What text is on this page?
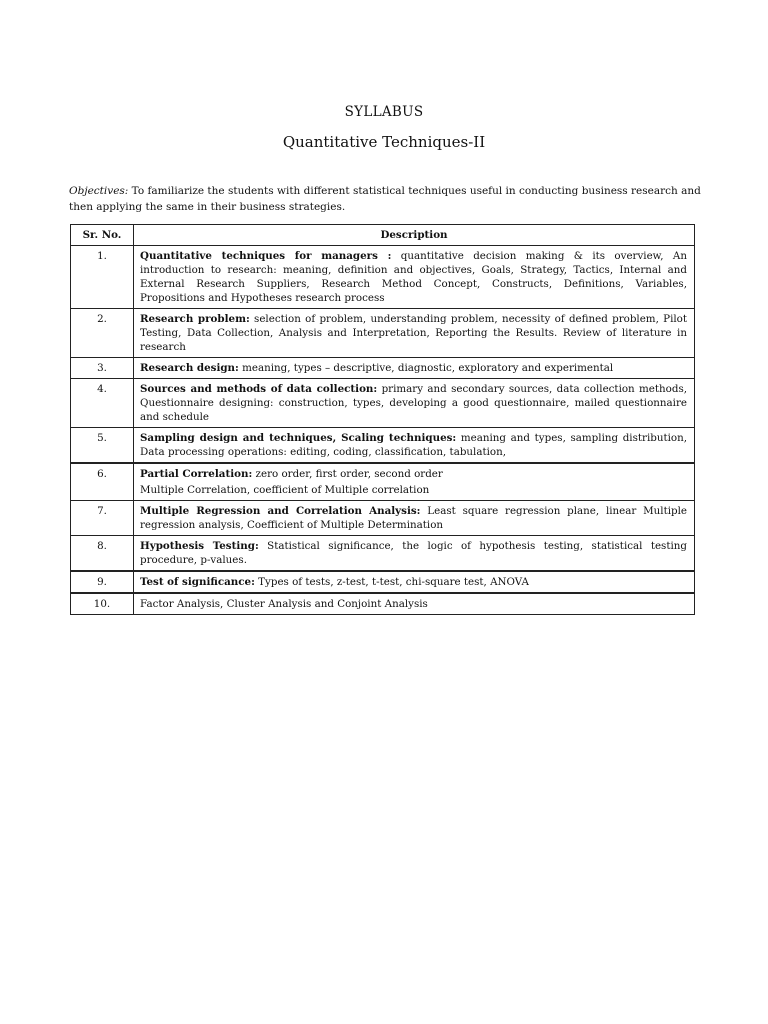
SYLLABUS
Quantitative Techniques-II
Objectives: To familiarize the students with different statistical techniques useful in conducting business research and then applying the same in their business strategies.
Sr. No.	Description
1.	Quantitative techniques for managers : quantitative decision making & its overview, An introduction to research: meaning, definition and objectives, Goals, Strategy, Tactics, Internal and External Research Suppliers, Research Method Concept, Constructs, Definitions, Variables, Propositions and Hypotheses research process
2.	Research problem: selection of problem, understanding problem, necessity of defined problem, Pilot Testing, Data Collection, Analysis and Interpretation, Reporting the Results. Review of literature in research
3.	Research design: meaning, types – descriptive, diagnostic, exploratory and experimental
4.	Sources and methods of data collection: primary and secondary sources, data collection methods, Questionnaire designing: construction, types, developing a good questionnaire, mailed questionnaire and schedule
5.	Sampling design and techniques, Scaling techniques: meaning and types, sampling distribution, Data processing operations: editing, coding, classification, tabulation,
6.	Partial Correlation: zero order, first order, second order
Multiple Correlation, coefficient of Multiple correlation

7.	Multiple Regression and Correlation Analysis: Least square regression plane, linear Multiple regression analysis, Coefficient of Multiple Determination
8.	Hypothesis Testing: Statistical significance, the logic of hypothesis testing, statistical testing procedure, p-values.
9.	Test of significance: Types of tests, z-test, t-test, chi-square test, ANOVA
10.	Factor Analysis, Cluster Analysis and Conjoint Analysis
